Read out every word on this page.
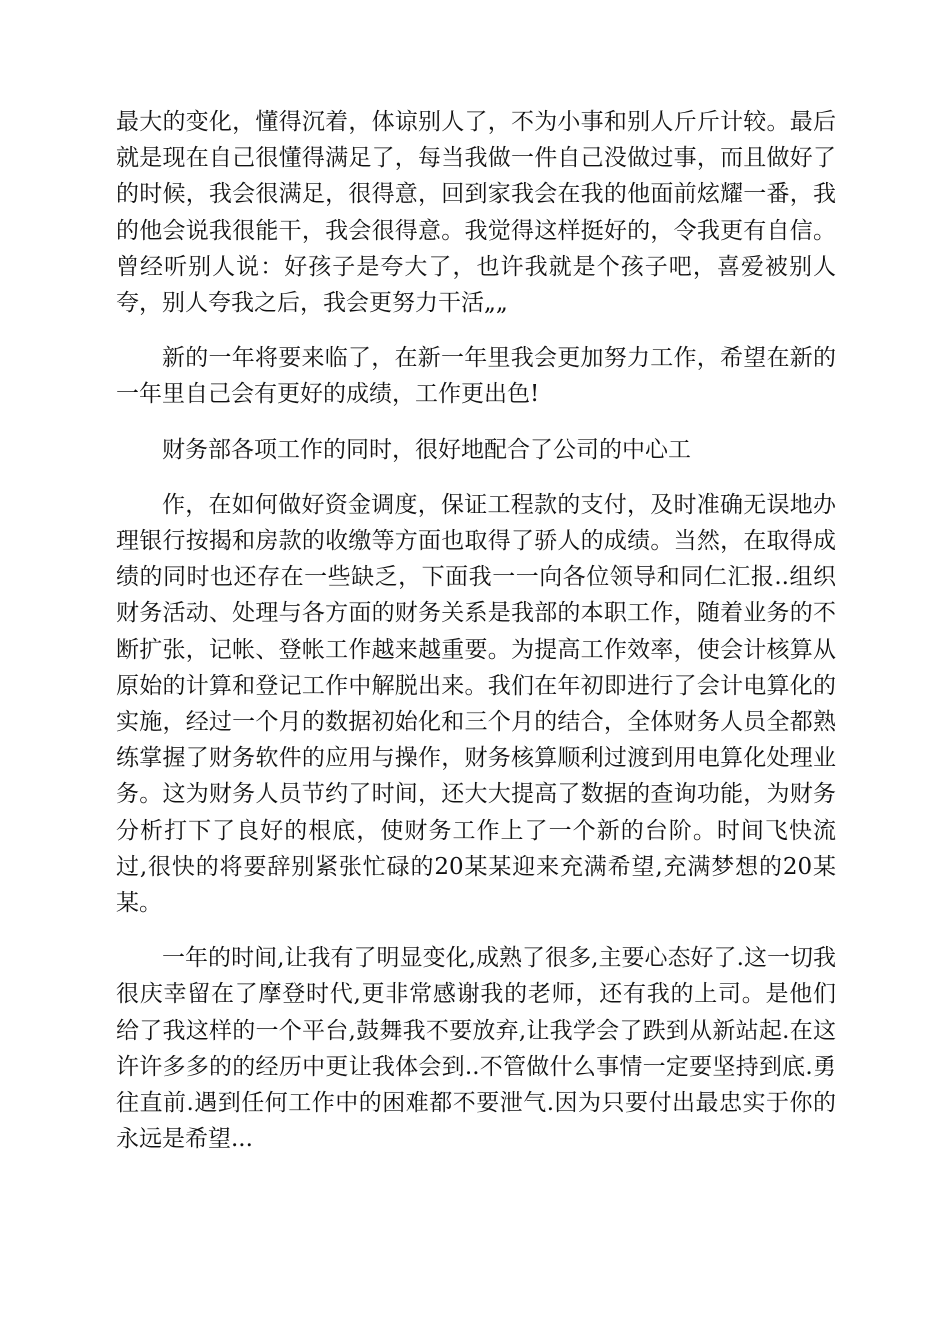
最大的变化，懂得沉着，体谅别人了，不为小事和别人斤斤计较。最后就是现在自己很懂得满足了，每当我做一件自己没做过事，而且做好了的时候，我会很满足，很得意，回到家我会在我的他面前炫耀一番，我的他会说我很能干，我会很得意。我觉得这样挺好的，令我更有自信。曾经听别人说：好孩子是夸大了，也许我就是个孩子吧，喜爱被别人夸，别人夸我之后，我会更努力干活„„

新的一年将要来临了，在新一年里我会更加努力工作，希望在新的一年里自己会有更好的成绩，工作更出色!

财务部各项工作的同时，很好地配合了公司的中心工

作，在如何做好资金调度，保证工程款的支付，及时准确无误地办理银行按揭和房款的收缴等方面也取得了骄人的成绩。当然，在取得成绩的同时也还存在一些缺乏，下面我一一向各位领导和同仁汇报..组织财务活动、处理与各方面的财务关系是我部的本职工作，随着业务的不断扩张，记帐、登帐工作越来越重要。为提高工作效率，使会计核算从原始的计算和登记工作中解脱出来。我们在年初即进行了会计电算化的实施，经过一个月的数据初始化和三个月的结合，全体财务人员全都熟练掌握了财务软件的应用与操作，财务核算顺利过渡到用电算化处理业务。这为财务人员节约了时间，还大大提高了数据的查询功能，为财务分析打下了良好的根底，使财务工作上了一个新的台阶。时间飞快流过,很快的将要辞别紧张忙碌的20某某迎来充满希望,充满梦想的20某某。

一年的时间,让我有了明显变化,成熟了很多,主要心态好了.这一切我很庆幸留在了摩登时代,更非常感谢我的老师，还有我的上司。是他们给了我这样的一个平台,鼓舞我不要放弃,让我学会了跌到从新站起.在这许许多多的的经历中更让我体会到..不管做什么事情一定要坚持到底.勇往直前.遇到任何工作中的困难都不要泄气.因为只要付出最忠实于你的永远是希望...
